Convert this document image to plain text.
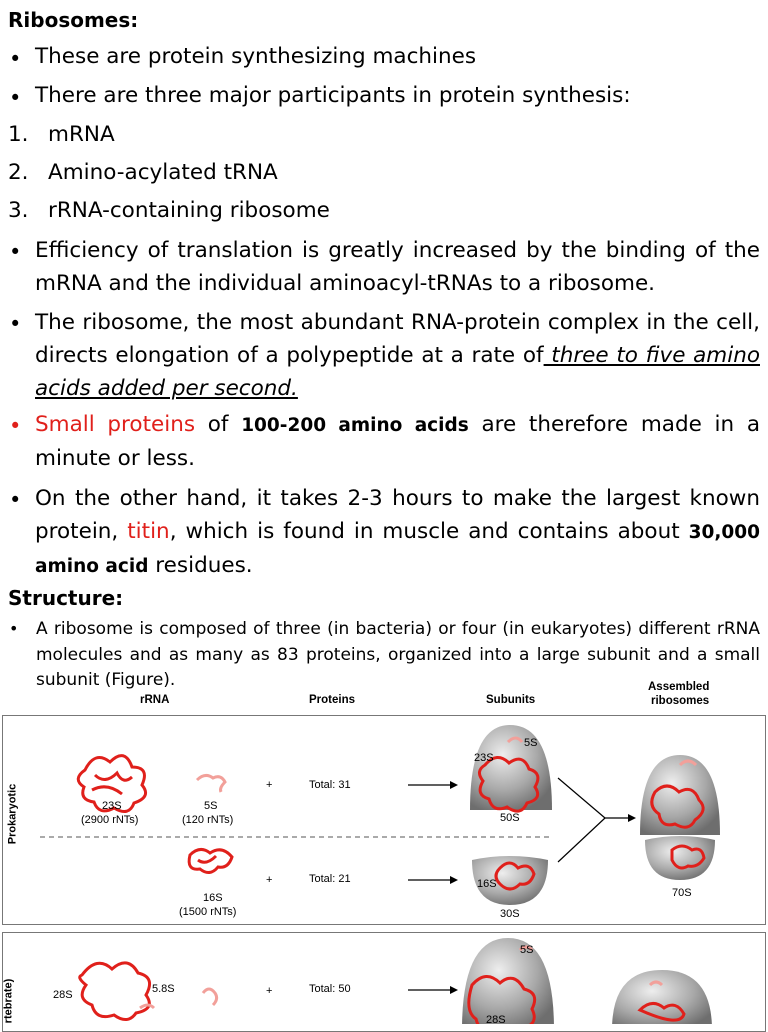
Ribosomes:
• These are protein synthesizing machines
• There are three major participants in protein synthesis:
1. mRNA
2. Amino-acylated tRNA
3. rRNA-containing ribosome
• Efficiency of translation is greatly increased by the binding of the mRNA and the individual aminoacyl-tRNAs to a ribosome.
• The ribosome, the most abundant RNA-protein complex in the cell, directs elongation of a polypeptide at a rate of three to five amino acids added per second.
• Small proteins of 100-200 amino acids are therefore made in a minute or less.
• On the other hand, it takes 2-3 hours to make the largest known protein, titin, which is found in muscle and contains about 30,000 amino acid residues.
Structure:
• A ribosome is composed of three (in bacteria) or four (in eukaryotes) different rRNA molecules and as many as 83 proteins, organized into a large subunit and a small subunit (Figure).
rRNA	Proteins	Subunits
Assembled
ribosomes
Prokaryotic
rtebrate)
23S
(2900 rNTs)
5S
(120 rNTs)
+	Total: 31
23S
5S
50S
16S
(1500 rNTs)
+	Total: 21	16S
30S
70S
28S	5.8S	+	Total: 50
5S
28S
